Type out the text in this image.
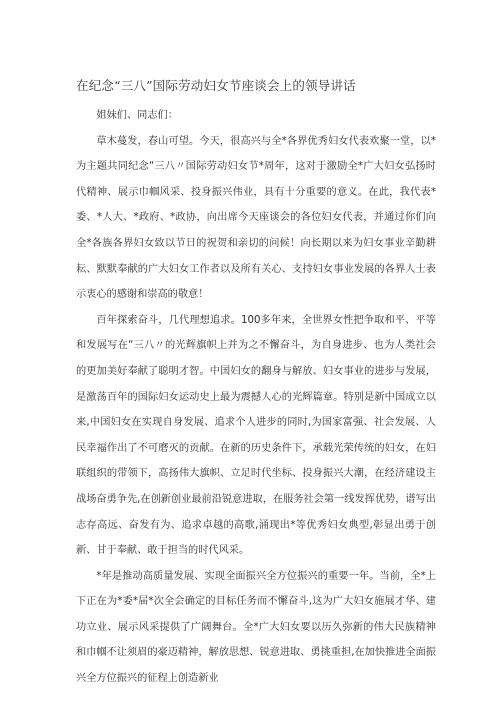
在纪念“三八”国际劳动妇女节座谈会上的领导讲话

姐妹们、同志们：

草木蔓发，春山可望。今天，很高兴与全*各界优秀妇女代表欢聚一堂，以*为主题共同纪念“三八〃国际劳动妇女节*周年，这对于激励全*广大妇女弘扬时代精神、展示巾帼风采、投身振兴伟业，具有十分重要的意义。在此，我代表*委、*人大、*政府、*政协，向出席今天座谈会的各位妇女代表，并通过你们向全*各族各界妇女致以节日的祝贺和亲切的问候！向长期以来为妇女事业辛勤耕耘、默默奉献的广大妇女工作者以及所有关心、支持妇女事业发展的各界人士表示衷心的感谢和崇高的敬意！

百年探索奋斗，几代理想追求。100多年来，全世界女性把争取和平、平等和发展写在“三八〃的光辉旗帜上并为之不懈奋斗，为自身进步、也为人类社会的更加美好奉献了聪明才智。中国妇女的翻身与解放、妇女事业的进步与发展，是激荡百年的国际妇女运动史上最为震撼人心的光辉篇章。特别是新中国成立以来,中国妇女在实现自身发展、追求个人进步的同时,为国家富强、社会发展、人民幸福作出了不可磨灭的贡献。在新的历史条件下，承载光荣传统的妇女，在妇联组织的带领下，高扬伟大旗帜、立足时代坐标、投身振兴大潮，在经济建设主战场奋勇争先,在创新创业最前沿锐意进取，在服务社会第一线发挥优势，谱写出志存高远、奋发有为、追求卓越的高歌,涌现出*等优秀妇女典型,彰显出勇于创新、甘于奉献、敢于担当的时代风采。

*年是推动高质量发展、实现全面振兴全方位振兴的重要一年。当前，全*上下正在为*委*届*次全会确定的目标任务而不懈奋斗,这为广大妇女施展才华、建功立业、展示风采提供了广阔舞台。全*广大妇女要以历久弥新的伟大民族精神和巾帼不让须眉的豪迈精神，解放思想、锐意进取、勇挑重担,在加快推进全面振兴全方位振兴的征程上创造新业
